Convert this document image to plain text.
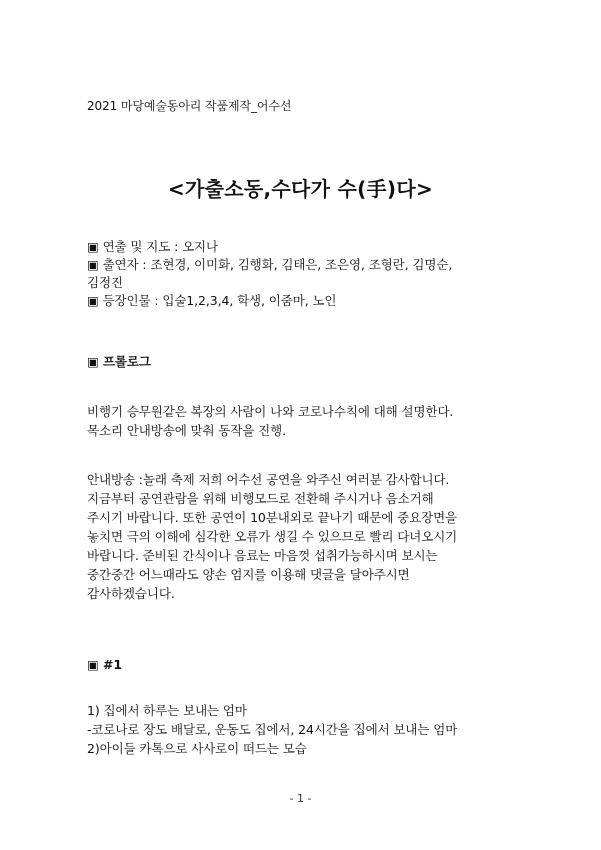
2021 마당예술동아리 작품제작_어수선
<가출소동,수다가 수(手)다>
▣ 연출 및 지도 : 오지나
▣ 출연자 : 조현경, 이미화, 김행화, 김태은, 조은영, 조형란, 김명순,
김정진
▣ 등장인물 : 입술1,2,3,4, 학생, 이줌마, 노인
▣ 프롤로그
비행기 승무원같은 복장의 사람이 나와 코로나수칙에 대해 설명한다.
목소리 안내방송에 맞춰 동작을 진행.
안내방송 :놀래 축제 저희 어수선 공연을 와주신 여러분 감사합니다.
지금부터 공연관람을 위해 비행모드로 전환해 주시거나 음소거해
주시기 바랍니다. 또한 공연이 10분내외로 끝나기 때문에 중요장면을
놓치면 극의 이해에 심각한 오류가 생길 수 있으므로 빨리 다녀오시기
바랍니다. 준비된 간식이나 음료는 마음껏 섭취가능하시며 보시는
중간중간 어느때라도 양손 엄지를 이용해 댓글을 달아주시면
감사하겠습니다.
▣ #1
1) 집에서 하루는 보내는 엄마
-코로나로 장도 배달로, 운동도 집에서, 24시간을 집에서 보내는 엄마
2)아이들 카톡으로 사사로이 떠드는 모습
- 1 -
